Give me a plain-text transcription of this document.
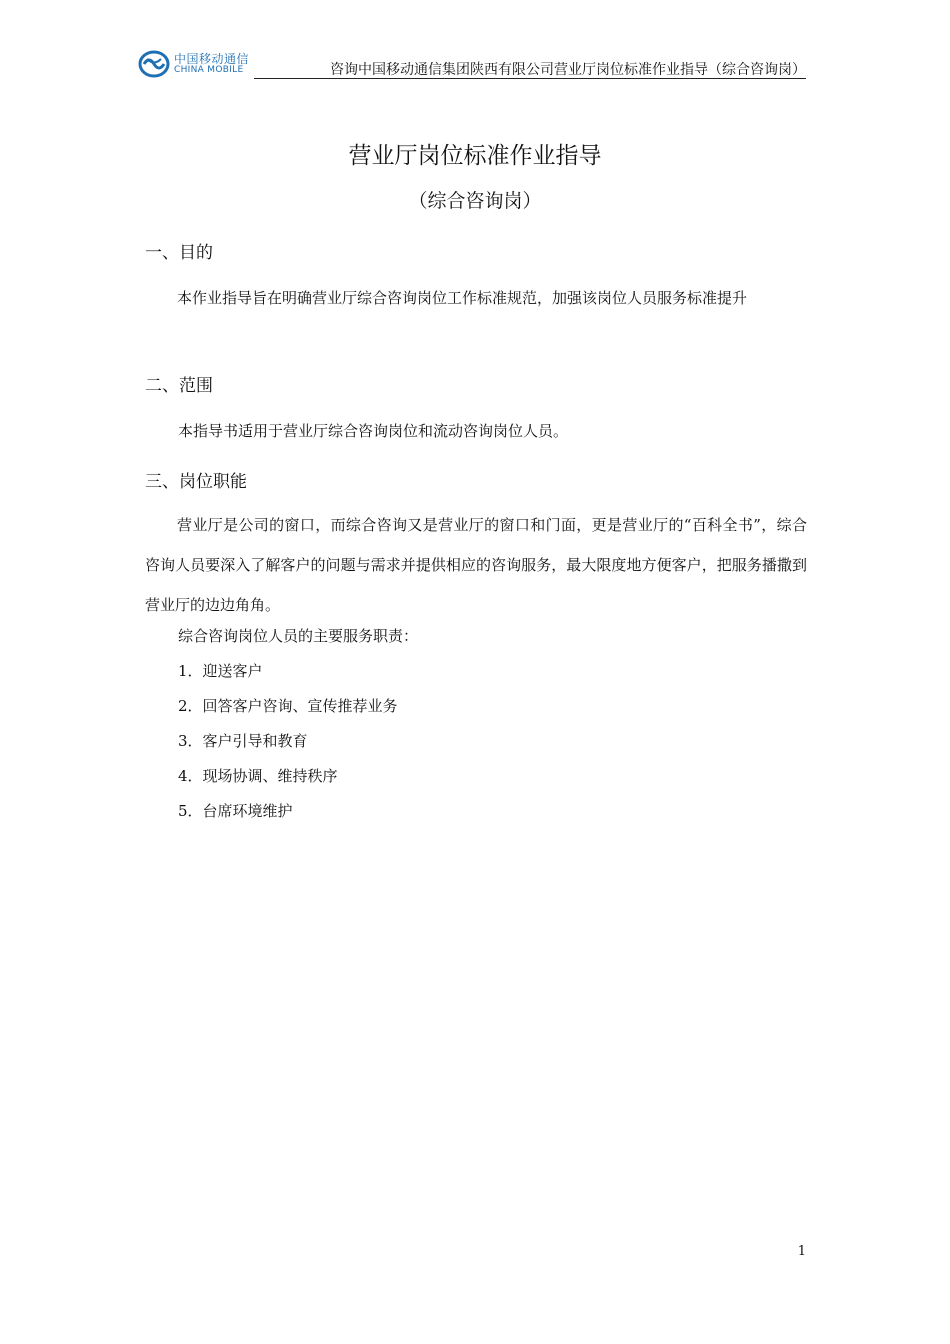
中国移动通信
CHINA MOBILE	咨询中国移动通信集团陕西有限公司营业厅岗位标准作业指导（综合咨询岗）
营业厅岗位标准作业指导
（综合咨询岗）
一、目的
本作业指导旨在明确营业厅综合咨询岗位工作标准规范，加强该岗位人员服务标准提升
二、范围
本指导书适用于营业厅综合咨询岗位和流动咨询岗位人员。
三、岗位职能
营业厅是公司的窗口，而综合咨询又是营业厅的窗口和门面，更是营业厅的“百科全书”，综合咨询人员要深入了解客户的问题与需求并提供相应的咨询服务，最大限度地方便客户，把服务播撒到营业厅的边边角角。
综合咨询岗位人员的主要服务职责：
1．迎送客户
2．回答客户咨询、宣传推荐业务
3．客户引导和教育
4．现场协调、维持秩序
5．台席环境维护
1
